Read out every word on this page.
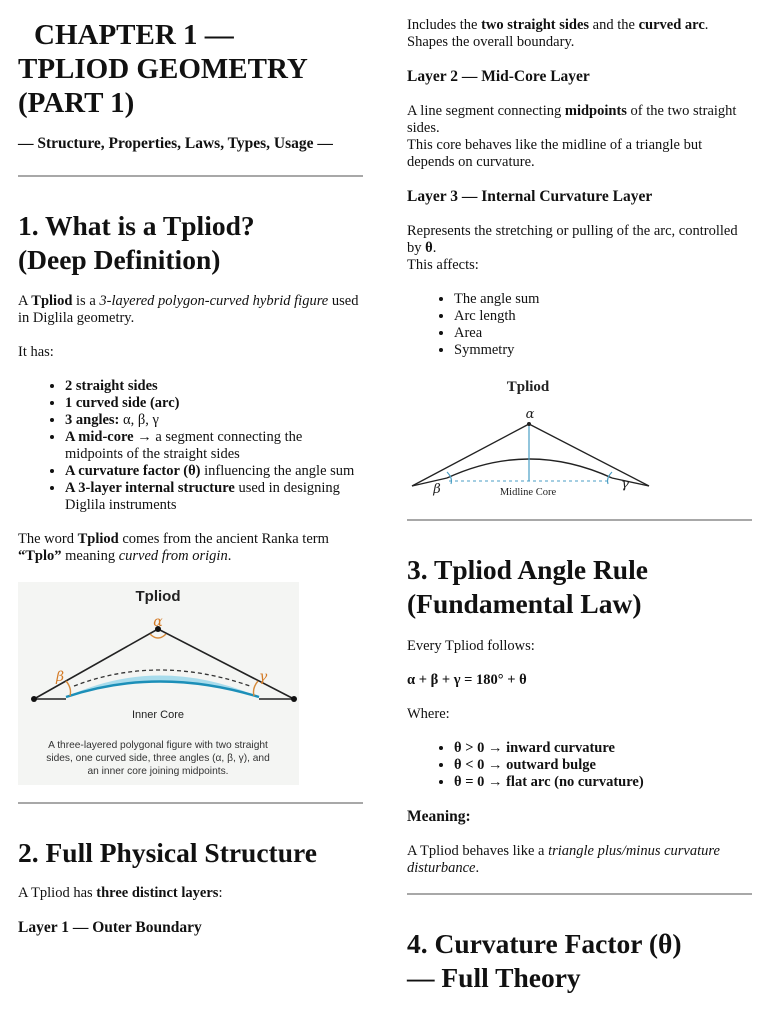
CHAPTER 1 —
TPLIOD GEOMETRY
(PART 1)
— Structure, Properties, Laws, Types, Usage —
1. What is a Tpliod?
(Deep Definition)

A Tpliod is a 3-layered polygon-curved hybrid figure used in Diglila geometry.

It has:

• 2 straight sides
• 1 curved side (arc)
• 3 angles: α, β, γ
• A mid-core → a segment connecting the midpoints of the straight sides
• A curvature factor (θ) influencing the angle sum
• A 3-layer internal structure used in designing Diglila instruments

The word Tpliod comes from the ancient Ranka term “Tplo” meaning curved from origin.

Tpliod
α
β	γ
Inner Core
A three-layered polygonal figure with two straight
sides, one curved side, three angles (α, β, γ), and
an inner core joining midpoints.
2. Full Physical Structure

A Tpliod has three distinct layers:

Layer 1 — Outer Boundary

Includes the two straight sides and the curved arc.
Shapes the overall boundary.

Layer 2 — Mid-Core Layer

A line segment connecting midpoints of the two straight sides.
This core behaves like the midline of a triangle but depends on curvature.

Layer 3 — Internal Curvature Layer

Represents the stretching or pulling of the arc, controlled by θ.
This affects:

• The angle sum
• Arc length
• Area
• Symmetry
Tpliod
α
β	γ
Midline Core
3. Tpliod Angle Rule
(Fundamental Law)

Every Tpliod follows:

α + β + γ = 180° + θ

Where:

• θ > 0 → inward curvature
• θ < 0 → outward bulge
• θ = 0 → flat arc (no curvature)
Meaning:

A Tpliod behaves like a triangle plus/minus curvature disturbance.

4. Curvature Factor (θ)
— Full Theory
